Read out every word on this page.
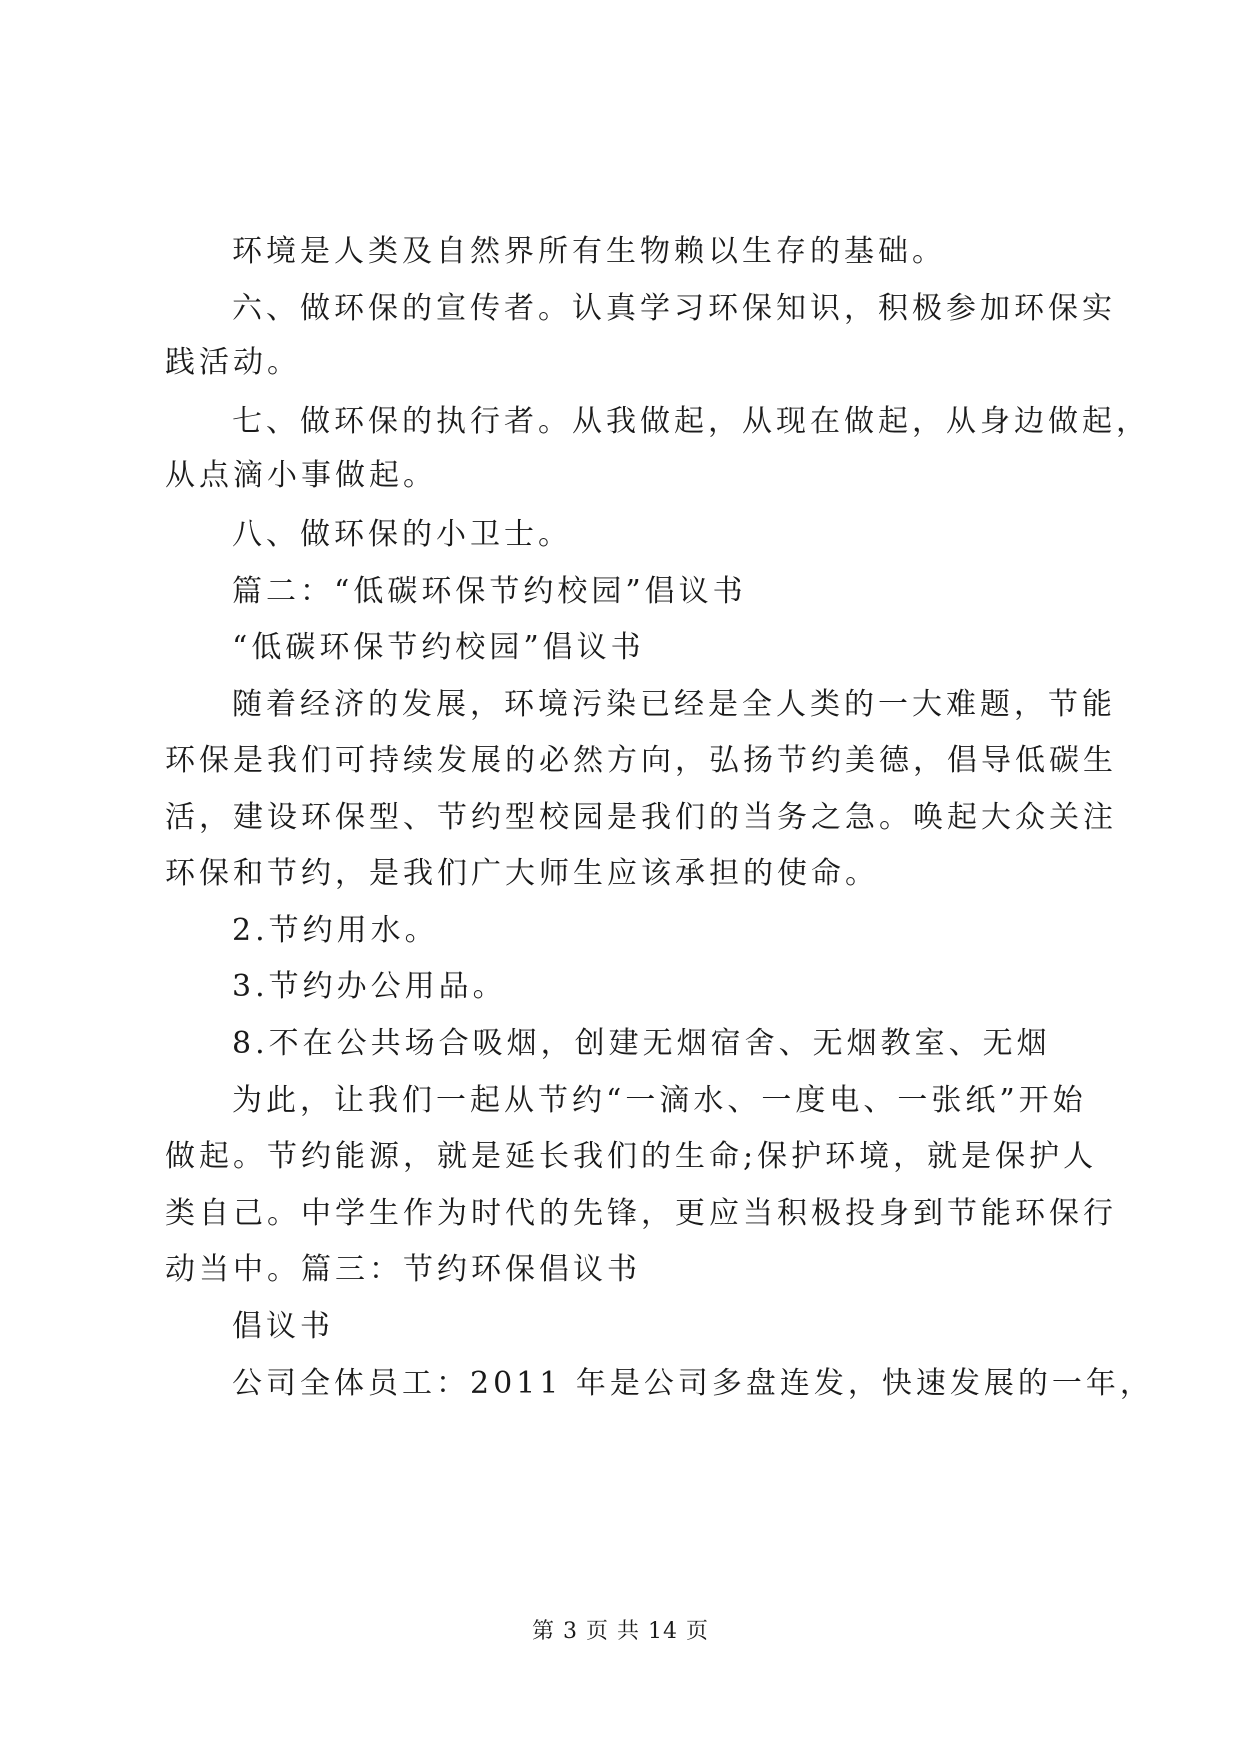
环境是人类及自然界所有生物赖以生存的基础。
六、做环保的宣传者。认真学习环保知识，积极参加环保实
践活动。
七、做环保的执行者。从我做起，从现在做起，从身边做起，
从点滴小事做起。
八、做环保的小卫士。
篇二：“低碳环保节约校园”倡议书
“低碳环保节约校园”倡议书
随着经济的发展，环境污染已经是全人类的一大难题，节能
环保是我们可持续发展的必然方向，弘扬节约美德，倡导低碳生
活，建设环保型、节约型校园是我们的当务之急。唤起大众关注
环保和节约，是我们广大师生应该承担的使命。
2.节约用水。
3.节约办公用品。
8.不在公共场合吸烟，创建无烟宿舍、无烟教室、无烟
为此，让我们一起从节约“一滴水、一度电、一张纸”开始
做起。节约能源，就是延长我们的生命;保护环境，就是保护人
类自己。中学生作为时代的先锋，更应当积极投身到节能环保行
动当中。篇三：节约环保倡议书
倡议书
公司全体员工：2011 年是公司多盘连发，快速发展的一年，
第 3 页 共 14 页
